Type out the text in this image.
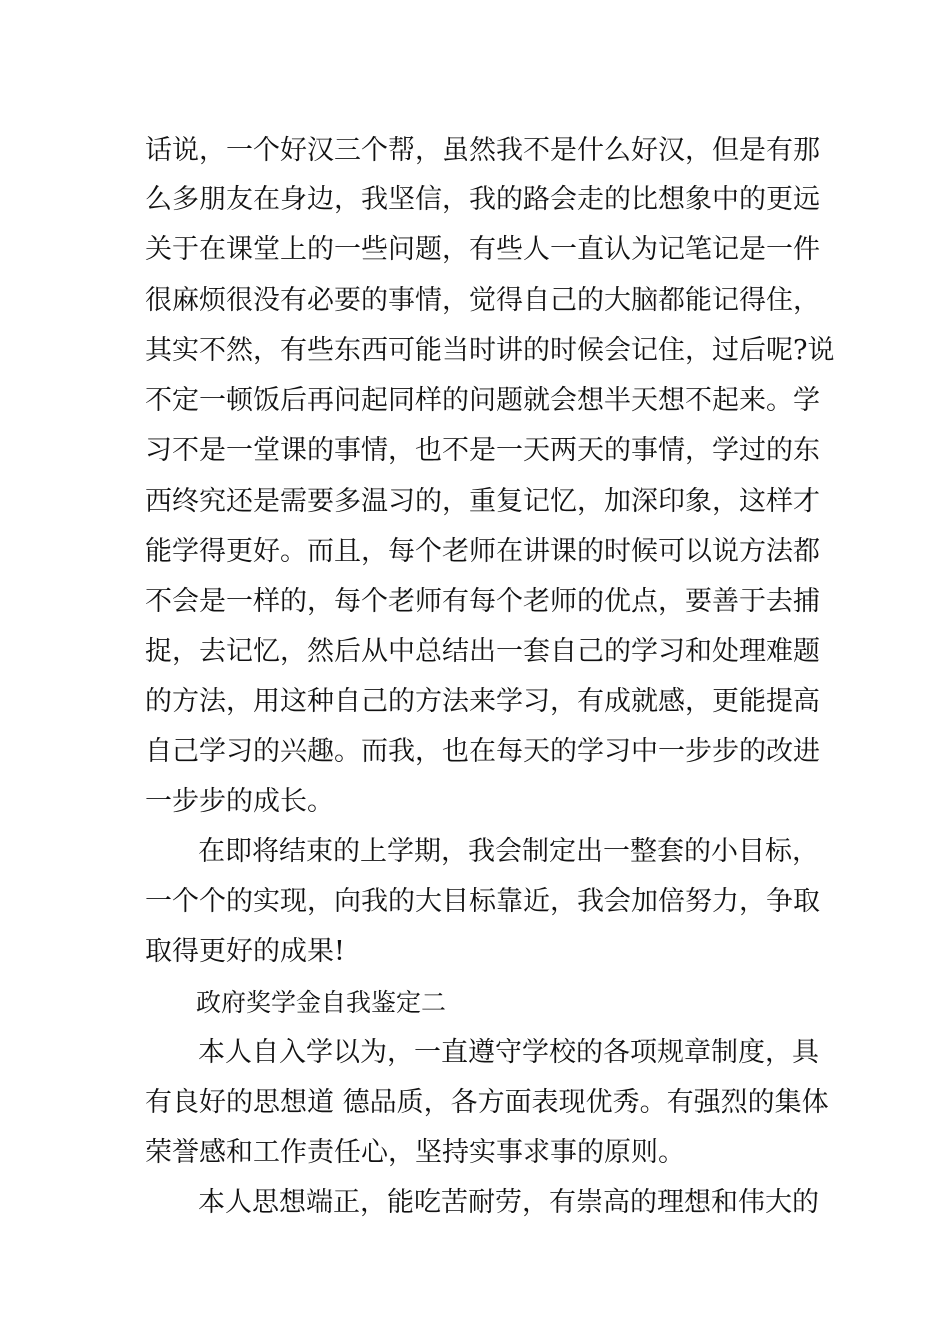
话说，一个好汉三个帮，虽然我不是什么好汉，但是有那

么多朋友在身边，我坚信，我的路会走的比想象中的更远

关于在课堂上的一些问题，有些人一直认为记笔记是一件

很麻烦很没有必要的事情，觉得自己的大脑都能记得住，

其实不然，有些东西可能当时讲的时候会记住，过后呢?说

不定一顿饭后再问起同样的问题就会想半天想不起来。学

习不是一堂课的事情，也不是一天两天的事情，学过的东

西终究还是需要多温习的，重复记忆，加深印象，这样才

能学得更好。而且，每个老师在讲课的时候可以说方法都

不会是一样的，每个老师有每个老师的优点，要善于去捕

捉，去记忆，然后从中总结出一套自己的学习和处理难题

的方法，用这种自己的方法来学习，有成就感，更能提高

自己学习的兴趣。而我，也在每天的学习中一步步的改进

一步步的成长。

在即将结束的上学期，我会制定出一整套的小目标，

一个个的实现，向我的大目标靠近，我会加倍努力，争取

取得更好的成果!

政府奖学金自我鉴定二

本人自入学以为，一直遵守学校的各项规章制度，具

有良好的思想道 德品质，各方面表现优秀。有强烈的集体

荣誉感和工作责任心，坚持实事求事的原则。

本人思想端正，能吃苦耐劳，有崇高的理想和伟大的
